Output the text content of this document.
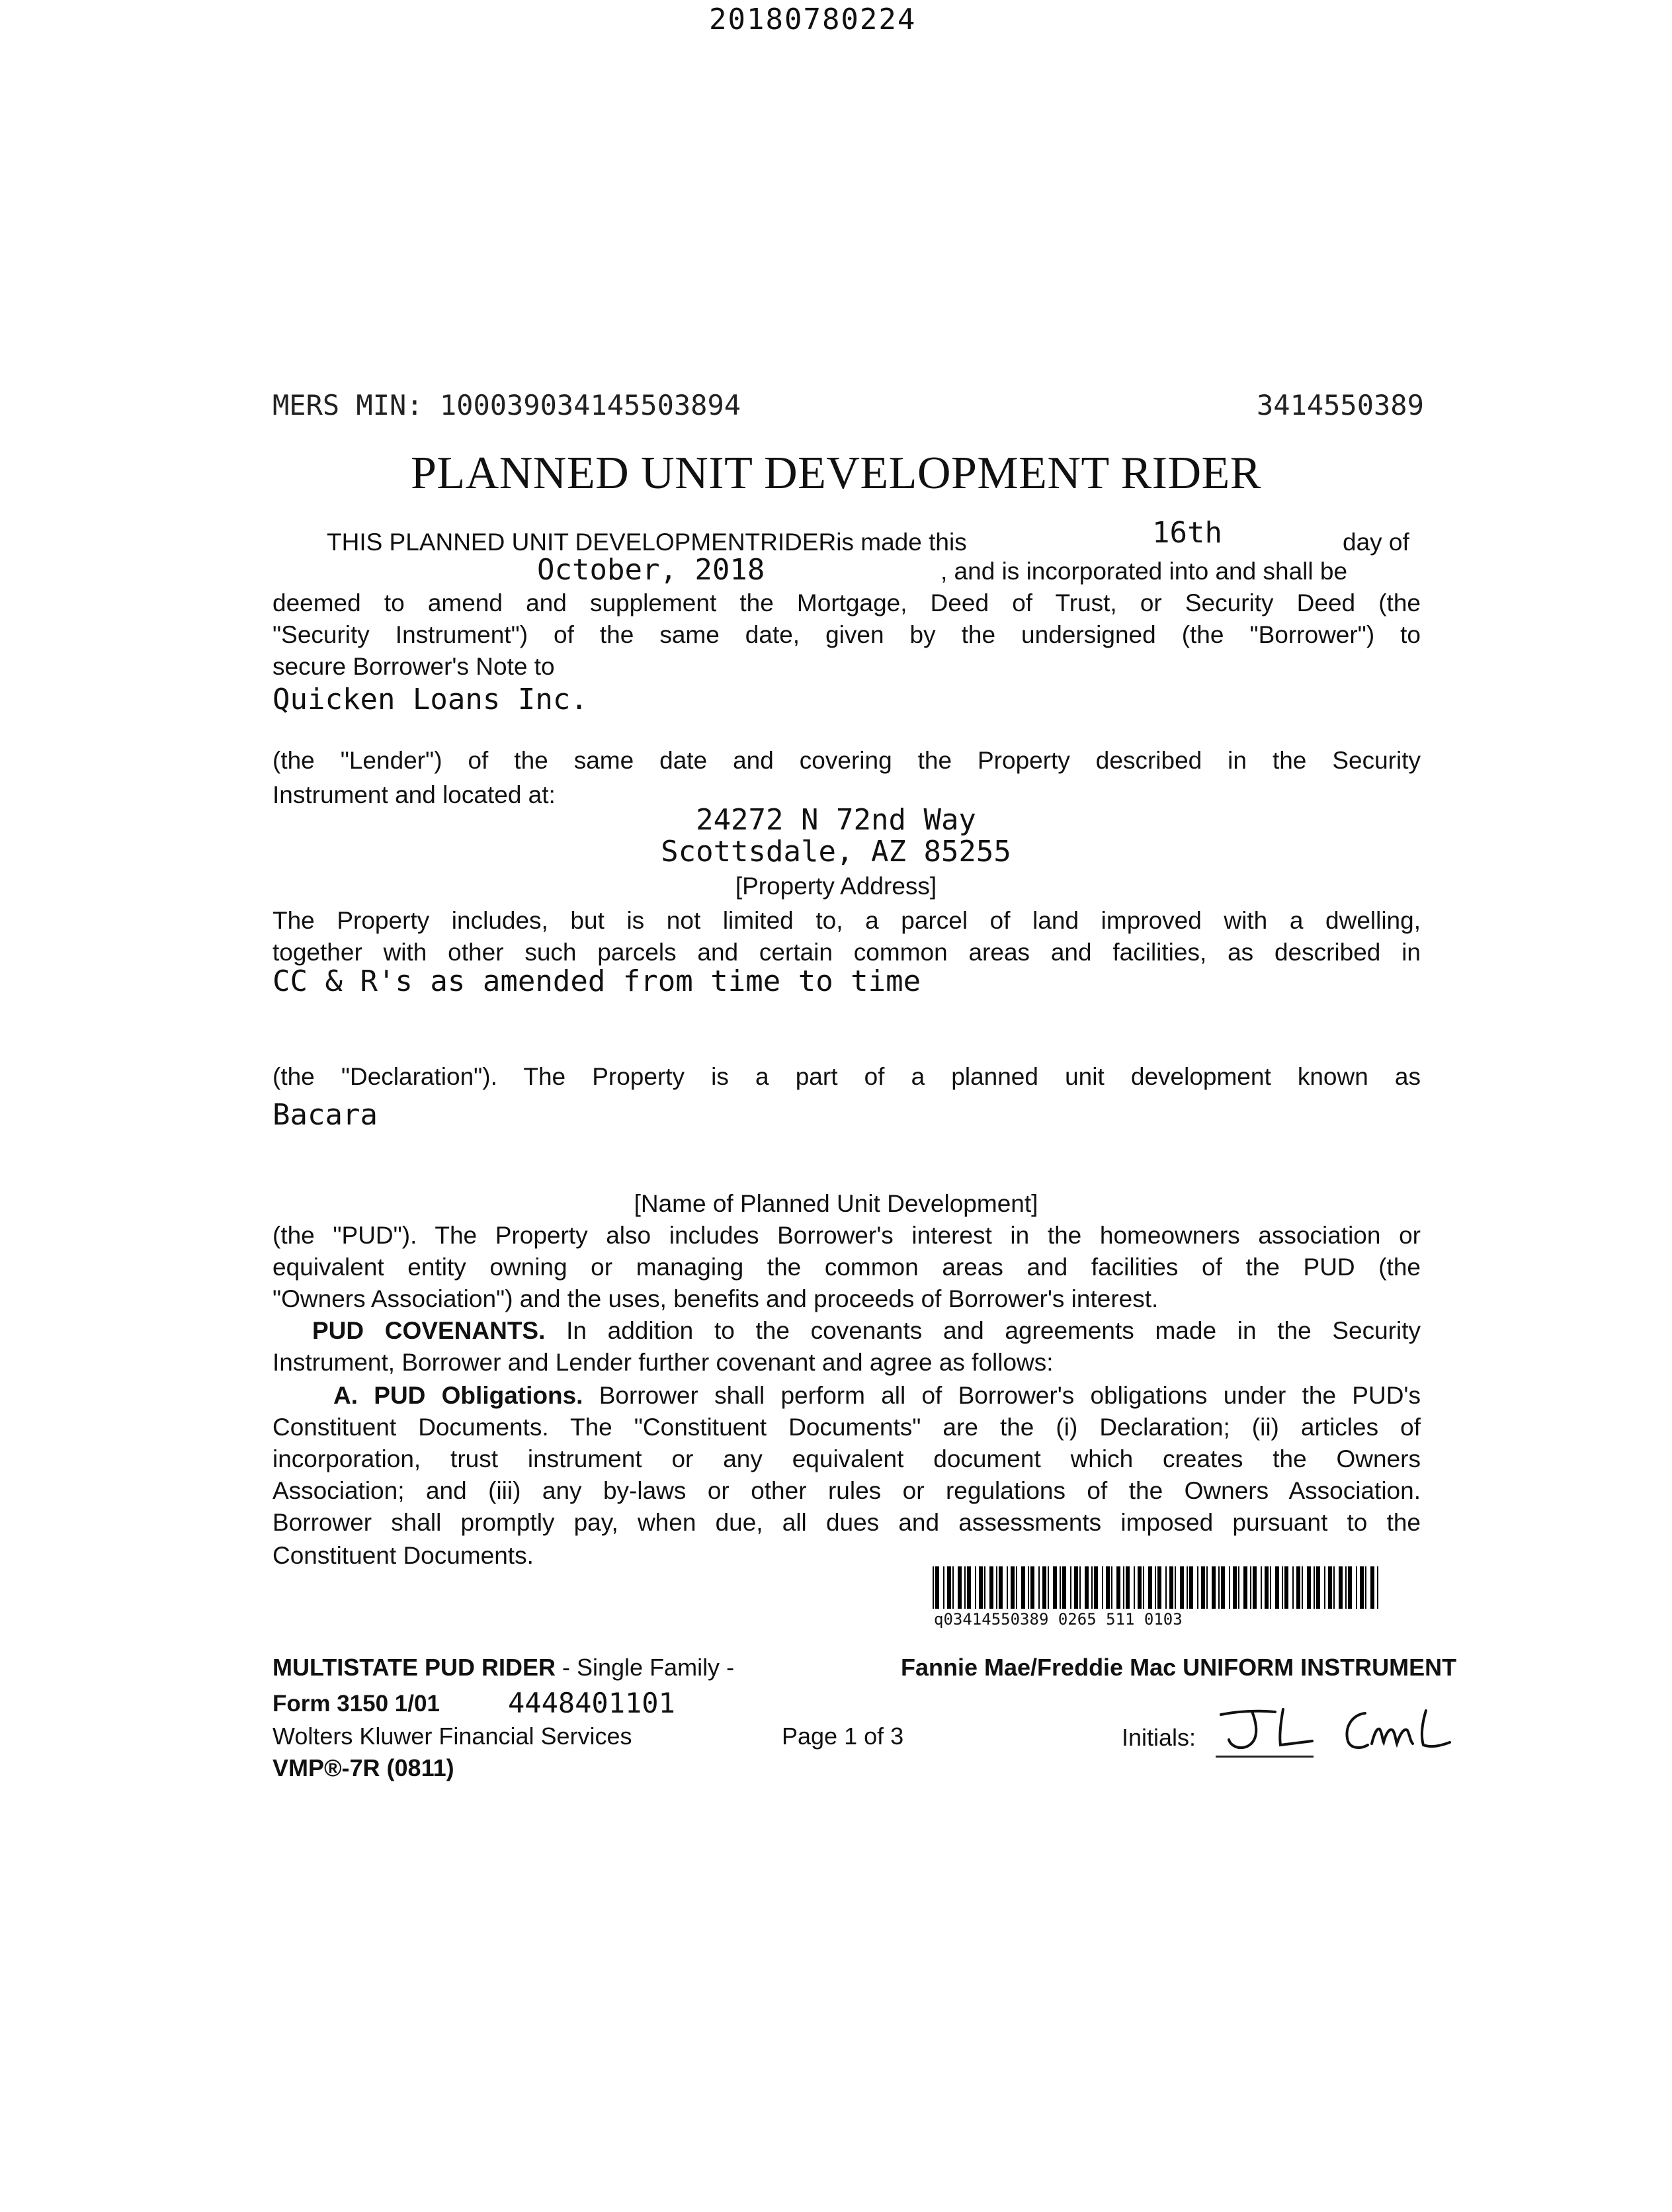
20180780224
MERS MIN: 100039034145503894	3414550389
PLANNED UNIT DEVELOPMENT RIDER
THIS PLANNED UNIT DEVELOPMENTRIDERis made this	16th	day of
October, 2018	, and is incorporated into and shall be
deemed to amend and supplement the Mortgage, Deed of Trust, or Security Deed (the
"Security Instrument") of the same date, given by the undersigned (the "Borrower") to
secure Borrower's Note to
Quicken Loans Inc.
(the "Lender") of the same date and covering the Property described in the Security
Instrument and located at:
24272 N 72nd Way
Scottsdale, AZ 85255
[Property Address]
The Property includes, but is not limited to, a parcel of land improved with a dwelling,
together with other such parcels and certain common areas and facilities, as described in
CC & R's as amended from time to time
(the "Declaration"). The Property is a part of a planned unit development known as
Bacara
[Name of Planned Unit Development]
(the "PUD"). The Property also includes Borrower's interest in the homeowners association or
equivalent entity owning or managing the common areas and facilities of the PUD (the
"Owners Association") and the uses, benefits and proceeds of Borrower's interest.
PUD COVENANTS. In addition to the covenants and agreements made in the Security
Instrument, Borrower and Lender further covenant and agree as follows:
A. PUD Obligations. Borrower shall perform all of Borrower's obligations under the PUD's
Constituent Documents. The "Constituent Documents" are the (i) Declaration; (ii) articles of
incorporation, trust instrument or any equivalent document which creates the Owners
Association; and (iii) any by-laws or other rules or regulations of the Owners Association.
Borrower shall promptly pay, when due, all dues and assessments imposed pursuant to the
Constituent Documents.
q03414550389 0265 511 0103
MULTISTATE PUD RIDER - Single Family -	Fannie Mae/Freddie Mac UNIFORM INSTRUMENT
Form 3150 1/01 4448401101
Wolters Kluwer Financial Services	Page 1 of 3	Initials:
VMP®-7R (0811)
